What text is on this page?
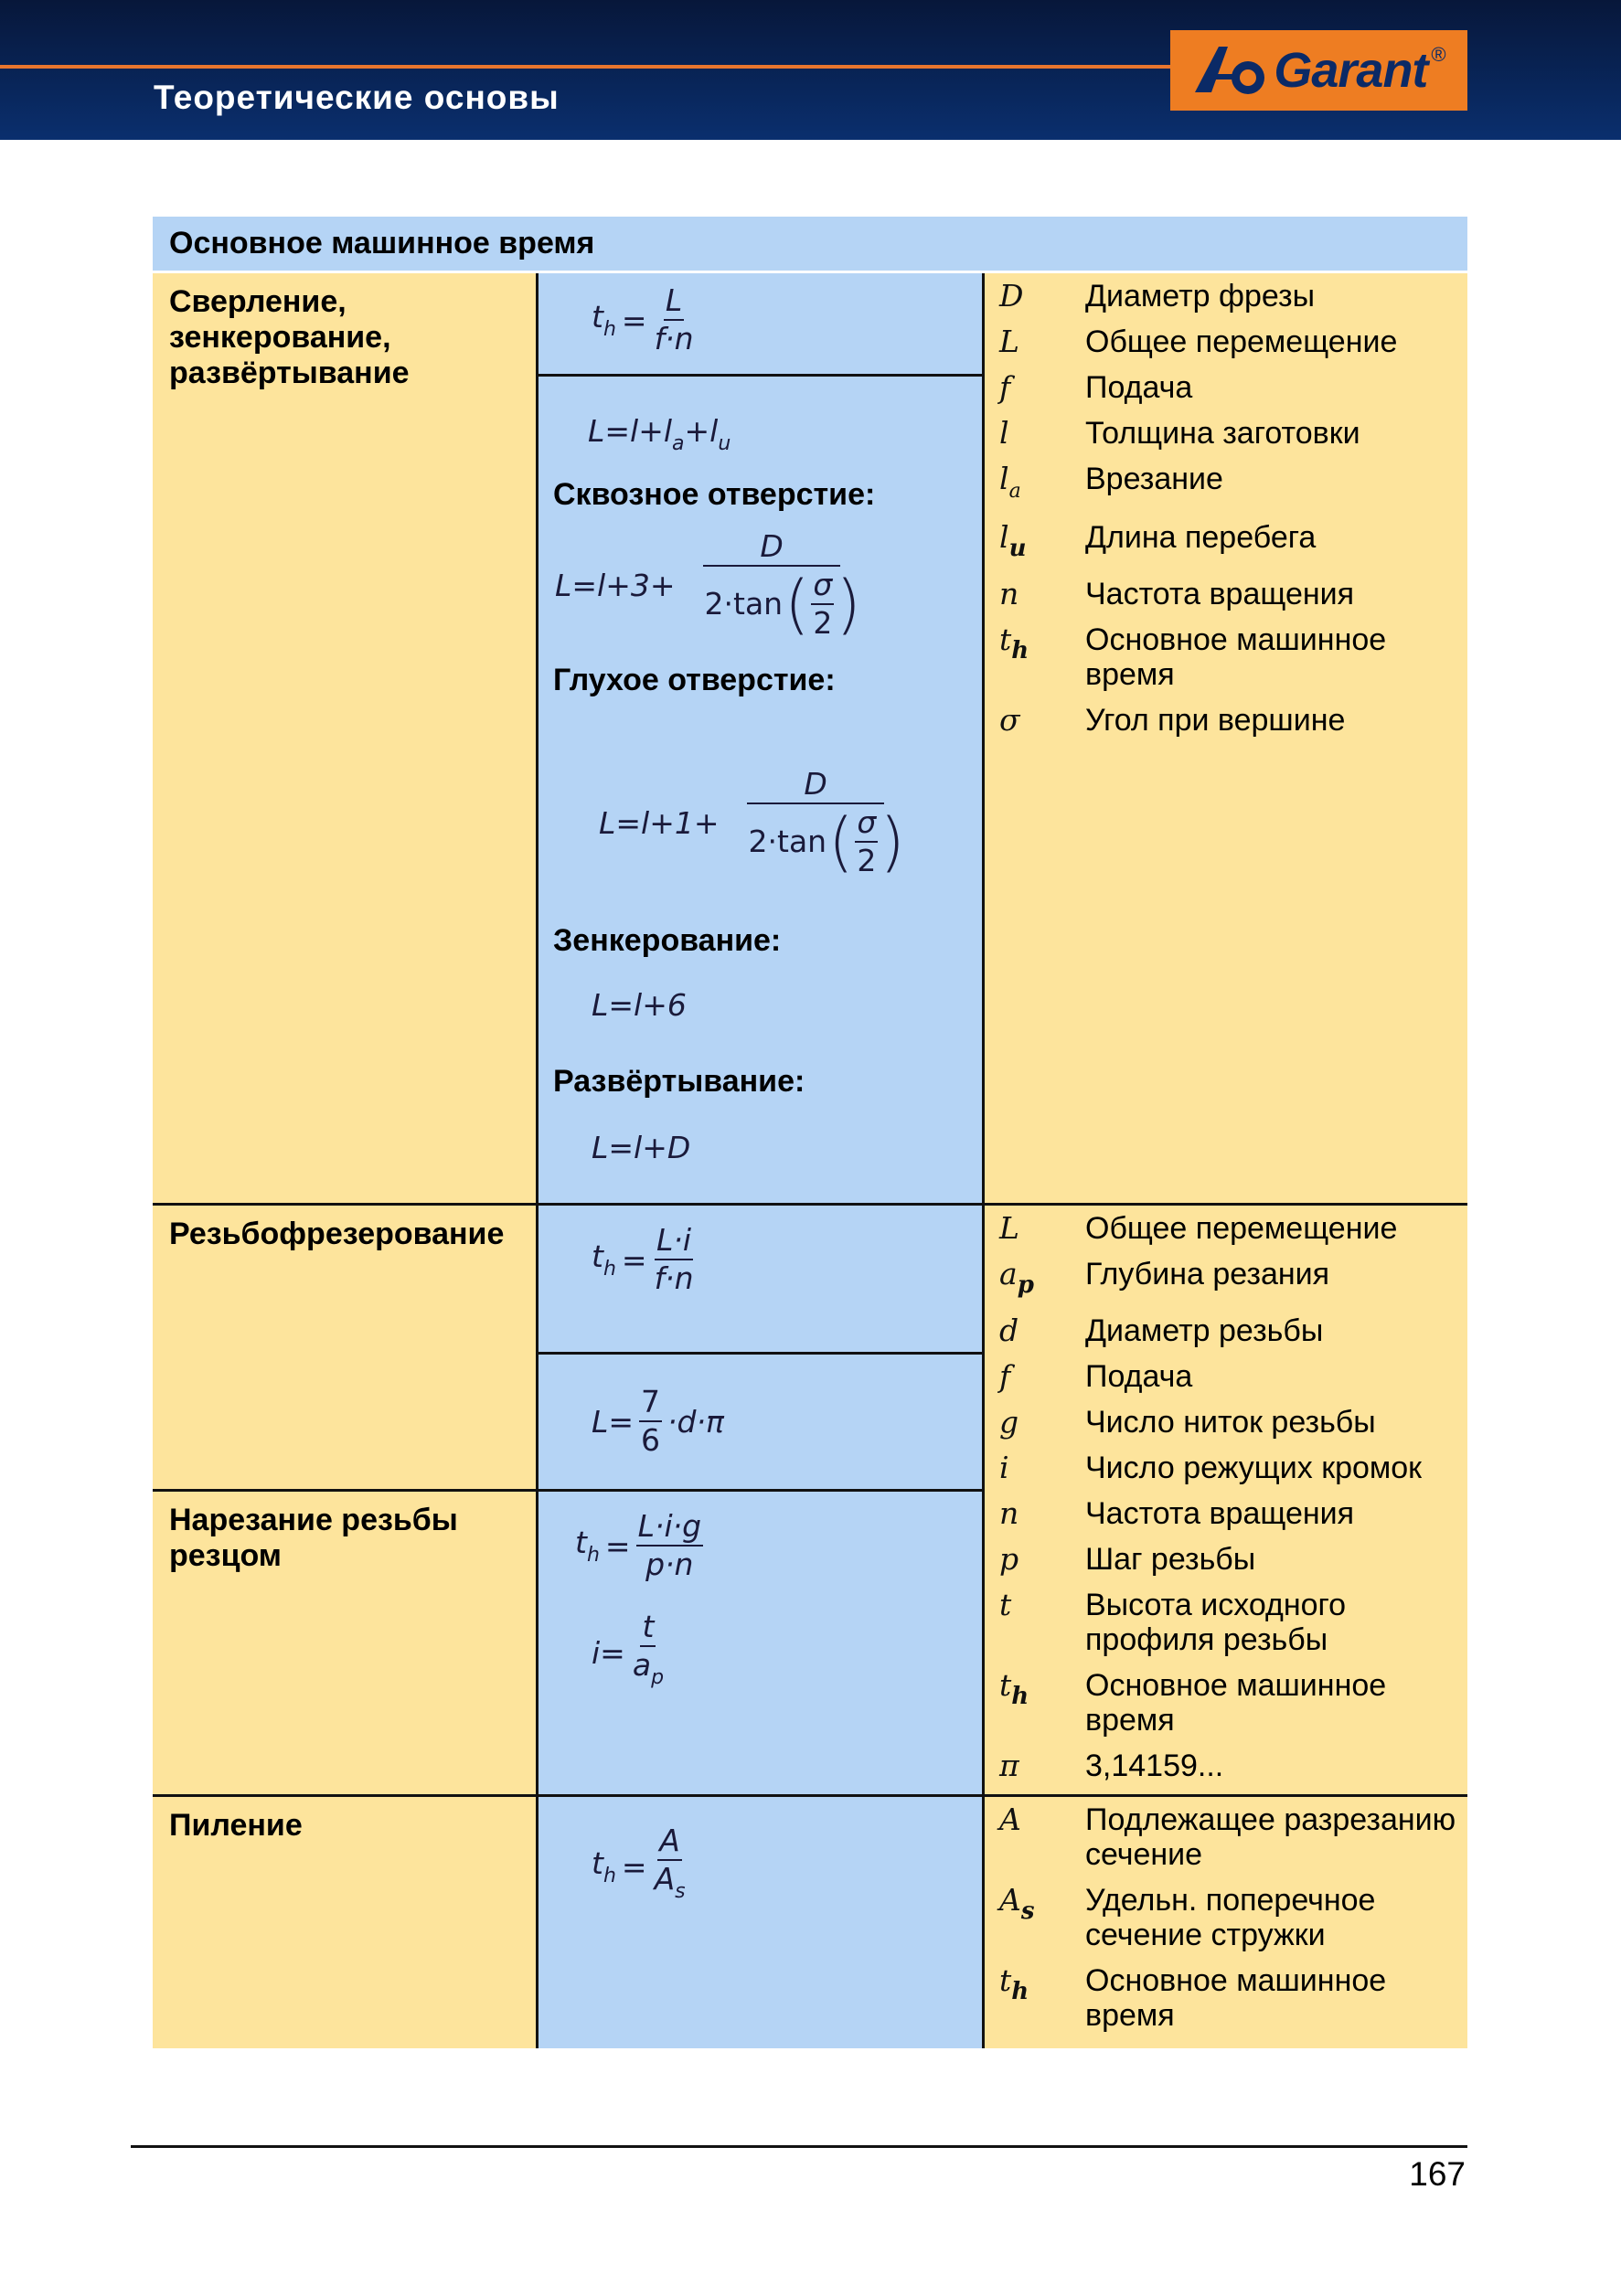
Теоретические основы	Garant ®
Основное машинное время
Сверление, зенкерование, развёртывание
$t_h = \frac{L}{f\cdot n}$
$L=l+l_a+l_u$
Сквозное отверстие:
$L=l+3+ \frac{D}{2\cdot\tan ( \frac{\sigma}{2} )}$
Глухое отверстие:
$L=l+1+ \frac{D}{2\cdot\tan ( \frac{\sigma}{2} )}$
Зенкерование:
L=l+6
Развёртывание:
L=l+D
D	Диаметр фрезы
L	Общее перемещение
f	Подача
l	Толщина заготовки
$l_a$	Врезание
$l_u$	Длина перебега
n	Частота вращения
$t_h$	Основное машинное время
σ	Угол при вершине
Резьбофрезерование
$t_h = \frac{L\cdot i}{f\cdot n}$
$L= \frac{7}{6} \cdot d\cdot\pi$
Нарезание резьбы резцом	$t_h = \frac{L\cdot i\cdot g}{p\cdot n}$
$i= \frac{t}{a_p}$
L	Общее перемещение
$a_p$	Глубина резания
d	Диаметр резьбы
f	Подача
g	Число ниток резьбы
i	Число режущих кромок
n	Частота вращения
p	Шаг резьбы
t	Высота исходного профиля резьбы
$t_h$	Основное машинное время
π	3,14159...
Пиление
$t_h = \frac{A}{A_s}$
A	Подлежащее разрезанию сечение
$A_s$	Удельн. поперечное сечение стружки
$t_h$	Основное машинное время
167
